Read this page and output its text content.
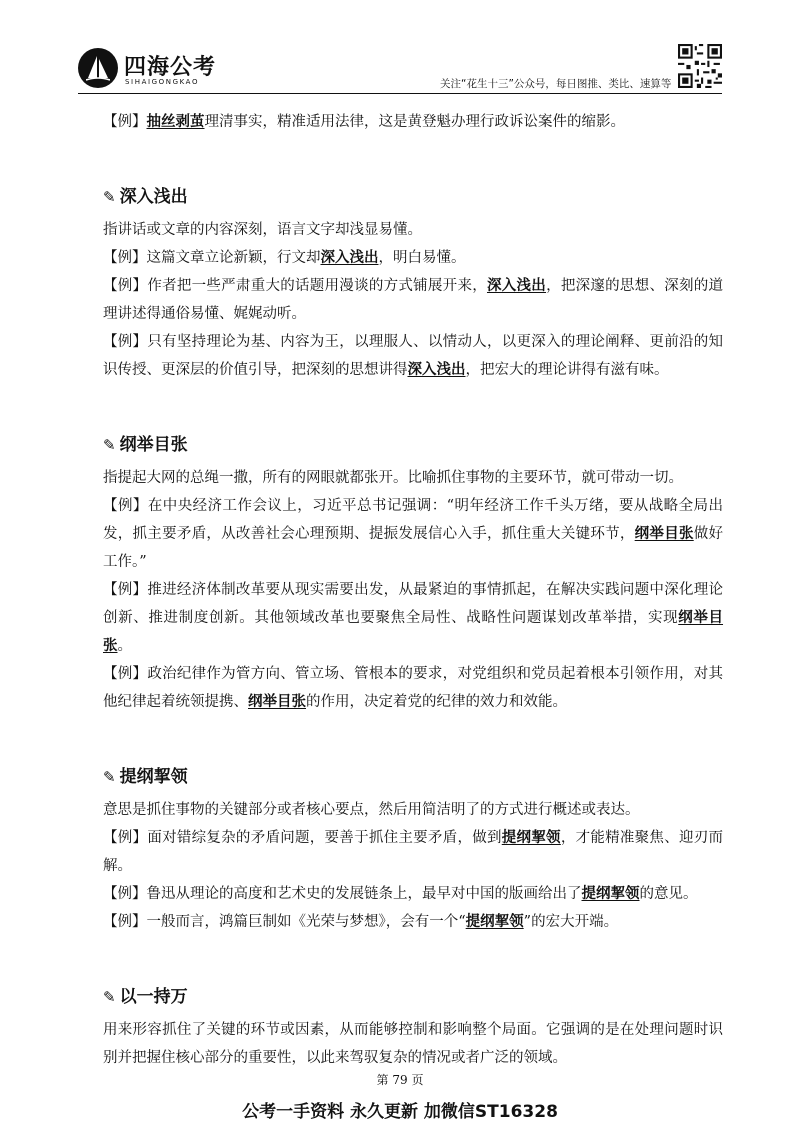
四海公考
SIHAIGONGKAO	关注“花生十三”公众号，每日图推、类比、速算等

【例】抽丝剥茧理清事实，精准适用法律，这是黄登魁办理行政诉讼案件的缩影。

✎ 深入浅出

指讲话或文章的内容深刻，语言文字却浅显易懂。

【例】这篇文章立论新颖，行文却深入浅出，明白易懂。

【例】作者把一些严肃重大的话题用漫谈的方式铺展开来，深入浅出，把深邃的思想、深刻的道理讲述得通俗易懂、娓娓动听。

【例】只有坚持理论为基、内容为王，以理服人、以情动人，以更深入的理论阐释、更前沿的知识传授、更深层的价值引导，把深刻的思想讲得深入浅出，把宏大的理论讲得有滋有味。

✎ 纲举目张

指提起大网的总绳一撒，所有的网眼就都张开。比喻抓住事物的主要环节，就可带动一切。

【例】在中央经济工作会议上，习近平总书记强调：“明年经济工作千头万绪，要从战略全局出发，抓主要矛盾，从改善社会心理预期、提振发展信心入手，抓住重大关键环节，纲举目张做好工作。”

【例】推进经济体制改革要从现实需要出发，从最紧迫的事情抓起，在解决实践问题中深化理论创新、推进制度创新。其他领域改革也要聚焦全局性、战略性问题谋划改革举措，实现纲举目张。

【例】政治纪律作为管方向、管立场、管根本的要求，对党组织和党员起着根本引领作用，对其他纪律起着统领提携、纲举目张的作用，决定着党的纪律的效力和效能。

✎ 提纲挈领

意思是抓住事物的关键部分或者核心要点，然后用简洁明了的方式进行概述或表达。

【例】面对错综复杂的矛盾问题，要善于抓住主要矛盾，做到提纲挈领，才能精准聚焦、迎刃而解。

【例】鲁迅从理论的高度和艺术史的发展链条上，最早对中国的版画给出了提纲挈领的意见。

【例】一般而言，鸿篇巨制如《光荣与梦想》，会有一个“提纲挈领”的宏大开端。

✎ 以一持万

用来形容抓住了关键的环节或因素，从而能够控制和影响整个局面。它强调的是在处理问题时识别并把握住核心部分的重要性，以此来驾驭复杂的情况或者广泛的领域。

第 79 页
公考一手资料 永久更新 加微信ST16328
